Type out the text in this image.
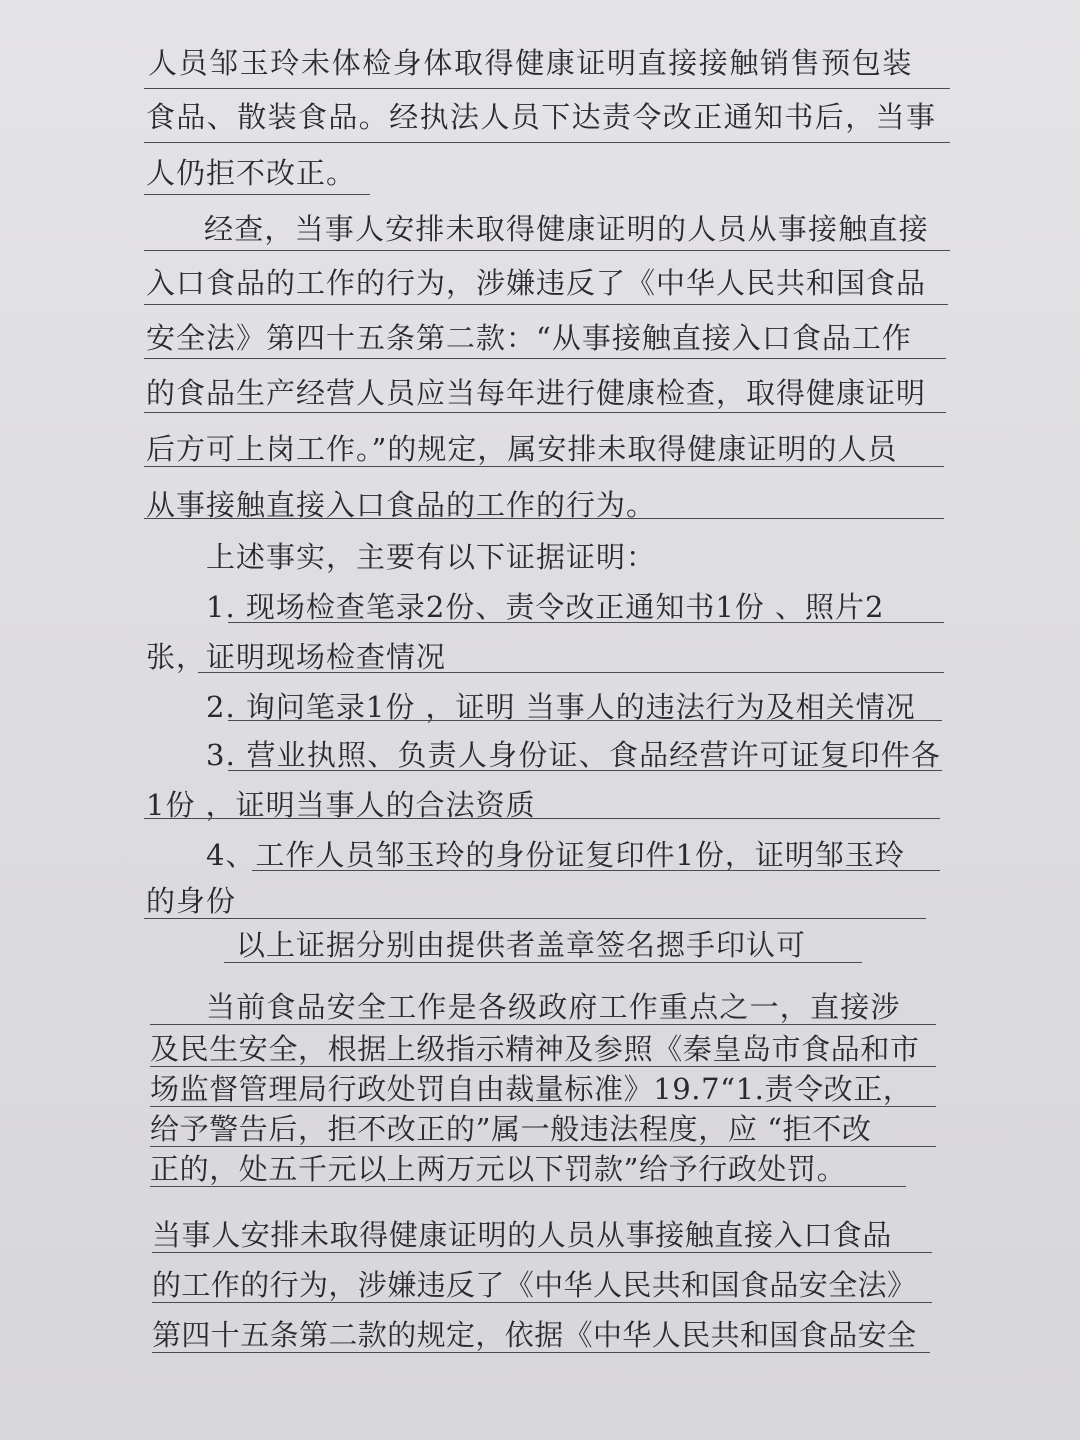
人员邹玉玲未体检身体取得健康证明直接接触销售预包装
食品、散装食品。经执法人员下达责令改正通知书后，当事
人仍拒不改正。
经查，当事人安排未取得健康证明的人员从事接触直接
入口食品的工作的行为，涉嫌违反了《中华人民共和国食品
安全法》第四十五条第二款：“从事接触直接入口食品工作
的食品生产经营人员应当每年进行健康检查，取得健康证明
后方可上岗工作。”的规定，属安排未取得健康证明的人员
从事接触直接入口食品的工作的行为。
上述事实，主要有以下证据证明：
1. 现场检查笔录2份、责令改正通知书1份 、照片2
张，证明现场检查情况
2. 询问笔录1份 ，证明 当事人的违法行为及相关情况
3. 营业执照、负责人身份证、食品经营许可证复印件各
1份 ，证明当事人的合法资质
4、工作人员邹玉玲的身份证复印件1份，证明邹玉玲
的身份
以上证据分别由提供者盖章签名摁手印认可
当前食品安全工作是各级政府工作重点之一，直接涉
及民生安全，根据上级指示精神及参照《秦皇岛市食品和市
场监督管理局行政处罚自由裁量标准》19.7“1.责令改正，
给予警告后，拒不改正的”属一般违法程度，应 “拒不改
正的，处五千元以上两万元以下罚款”给予行政处罚。
当事人安排未取得健康证明的人员从事接触直接入口食品
的工作的行为，涉嫌违反了《中华人民共和国食品安全法》
第四十五条第二款的规定，依据《中华人民共和国食品安全
